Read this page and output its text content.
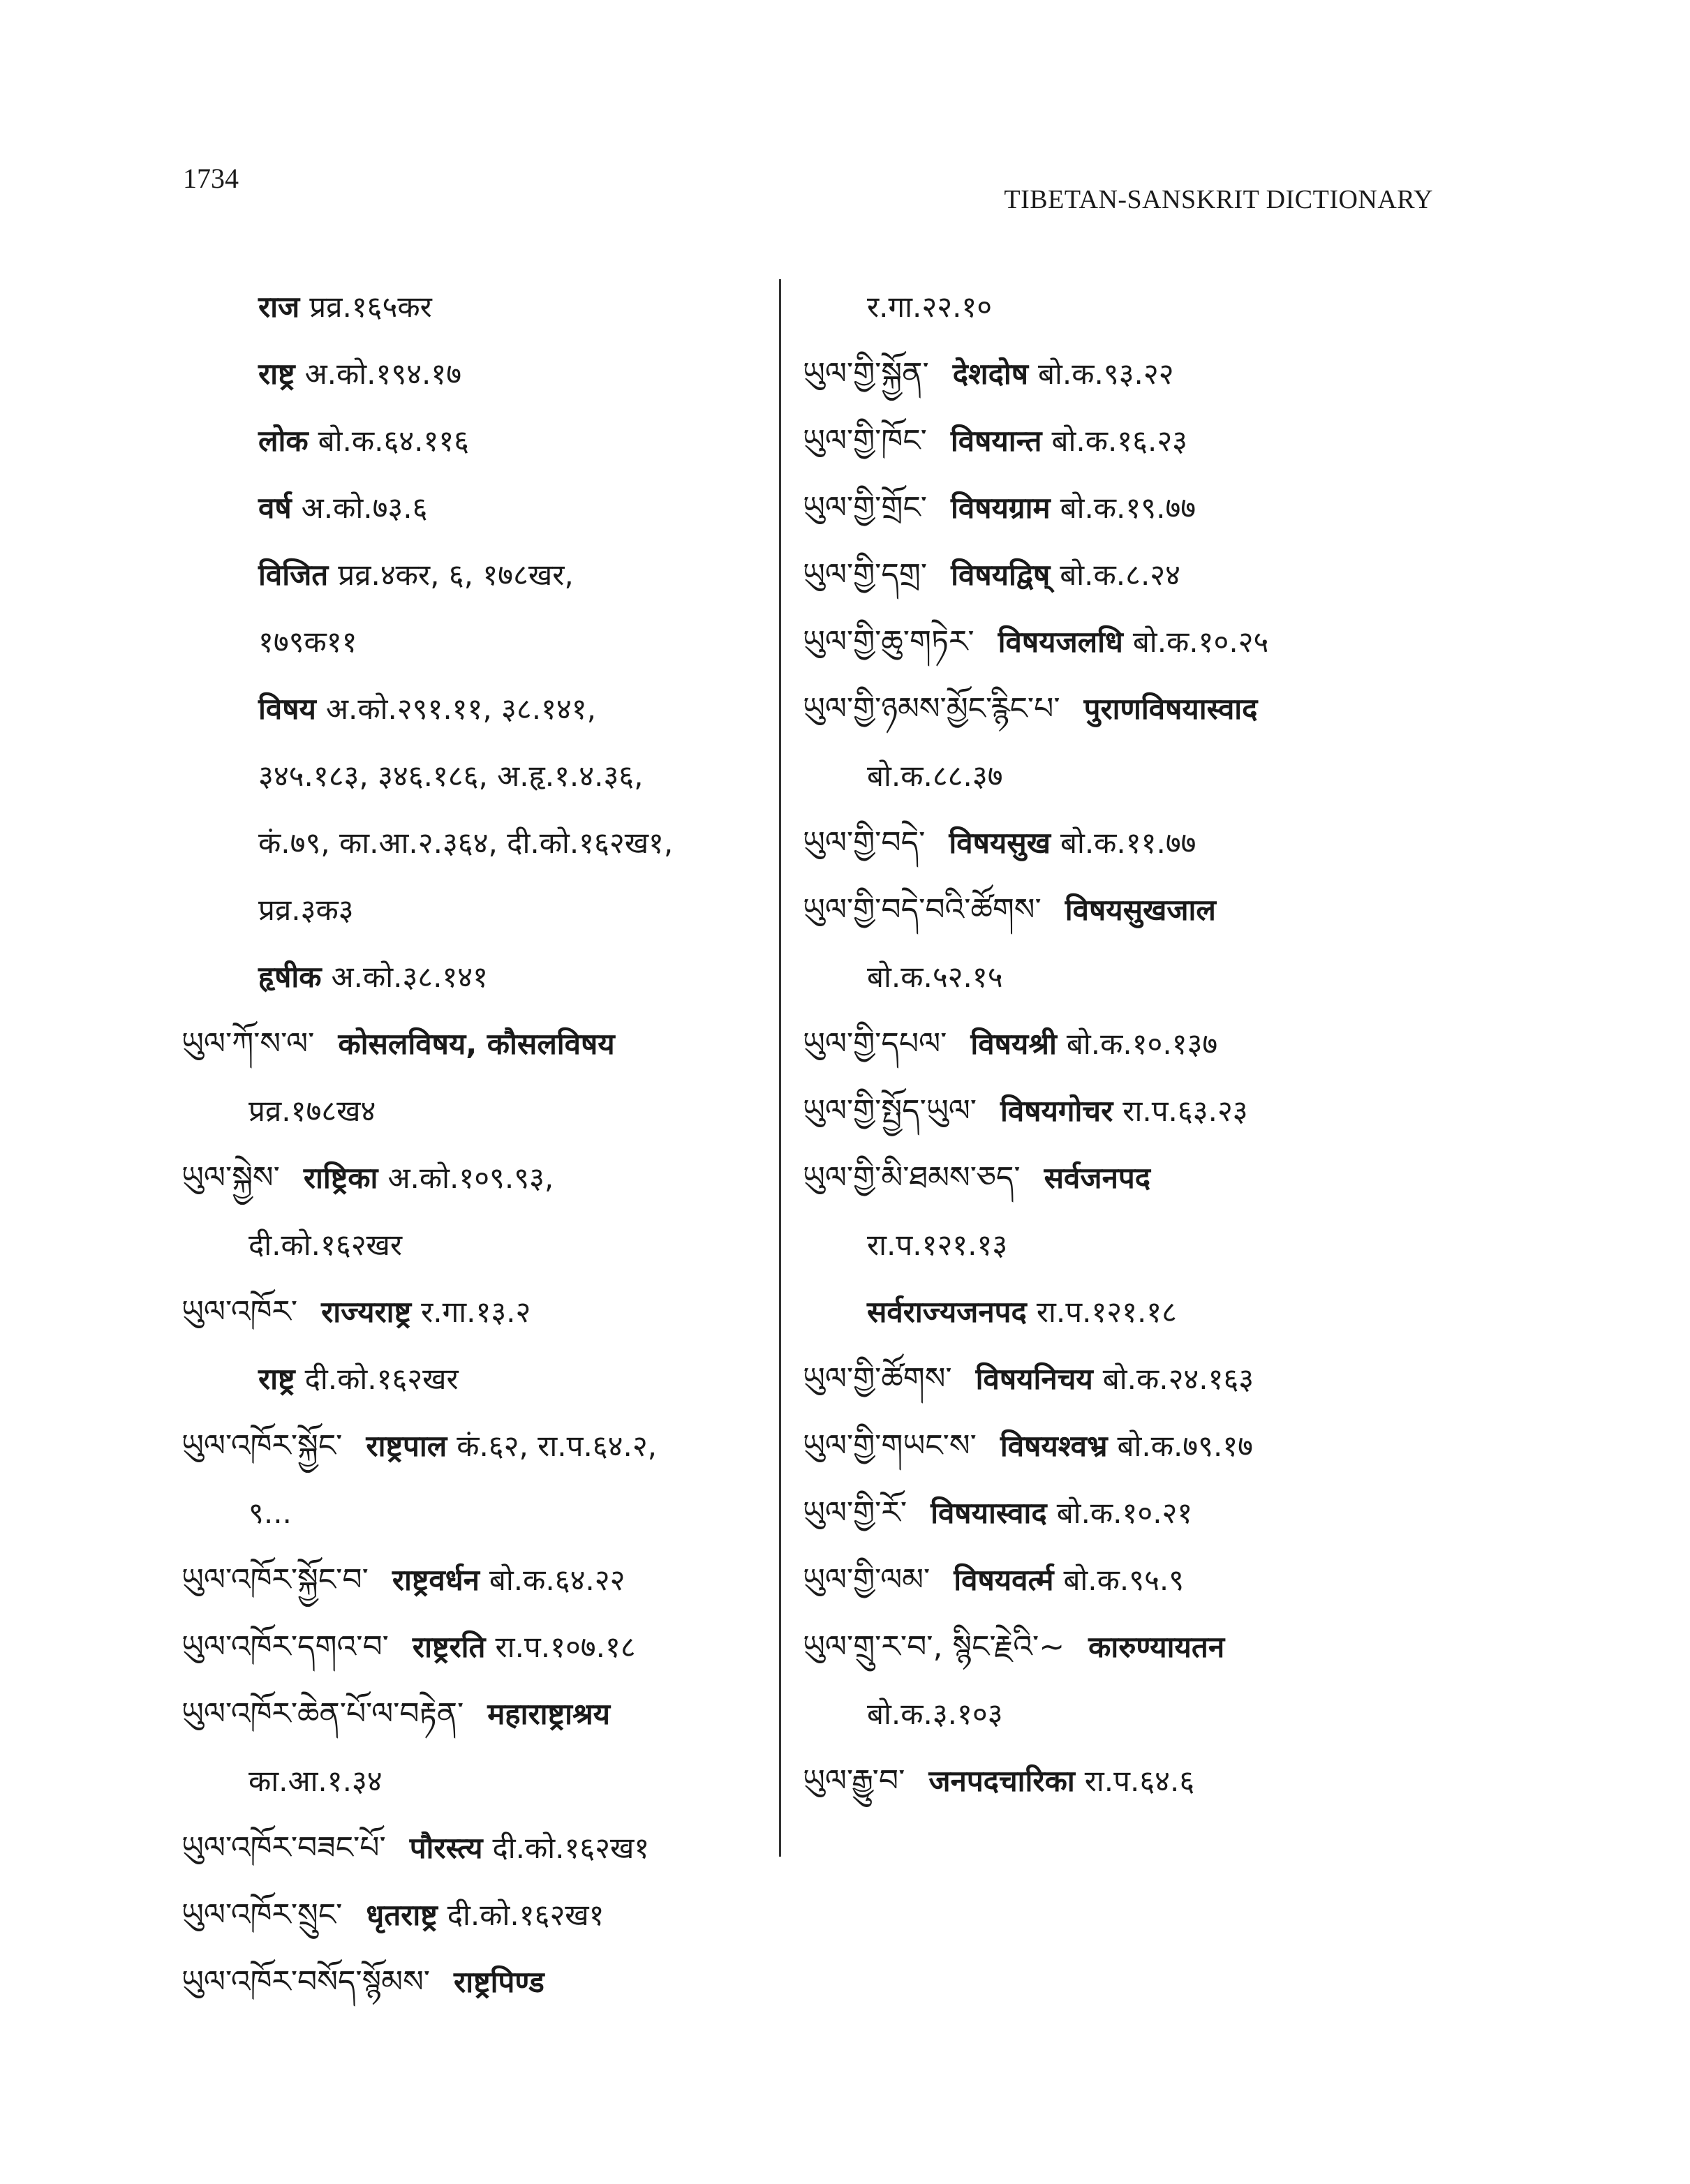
1734
TIBETAN-SANSKRIT DICTIONARY
राज प्रव्र.१६५कर
राष्ट्र अ.को.१९४.१७
लोक बो.क.६४.११६
वर्ष अ.को.७३.६
विजित प्रव्र.४कर, ६, १७८खर,
१७९क११
विषय अ.को.२९१.११, ३८.१४१,
३४५.१८३, ३४६.१८६, अ.हृ.१.४.३६,
कं.७९, का.आ.२.३६४, दी.को.१६२ख१,
प्रव्र.३क३
हृषीक अ.को.३८.१४१
ཡུལ་ཀོ་ས་ལ་ कोसलविषय, कौसलविषय
प्रव्र.१७८ख४
ཡུལ་སྐྱེས་ राष्ट्रिका अ.को.१०९.९३,
दी.को.१६२खर
ཡུལ་འཁོར་ राज्यराष्ट्र र.गा.१३.२
राष्ट्र दी.को.१६२खर
ཡུལ་འཁོར་སྐྱོང་ राष्ट्रपाल कं.६२, रा.प.६४.२,
९...
ཡུལ་འཁོར་སྐྱོང་བ་ राष्ट्रवर्धन बो.क.६४.२२
ཡུལ་འཁོར་དགའ་བ་ राष्ट्ररति रा.प.१०७.१८
ཡུལ་འཁོར་ཆེན་པོ་ལ་བརྟེན་ महाराष्ट्राश्रय
का.आ.१.३४
ཡུལ་འཁོར་བཟང་པོ་ पौरस्त्य दी.को.१६२ख१
ཡུལ་འཁོར་སྲུང་ धृतराष्ट्र दी.को.१६२ख१
ཡུལ་འཁོར་བསོད་སྙོམས་ राष्ट्रपिण्ड
र.गा.२२.१०
ཡུལ་གྱི་སྐྱོན་ देशदोष बो.क.९३.२२
ཡུལ་གྱི་ཁོང་ विषयान्त बो.क.१६.२३
ཡུལ་གྱི་གྲོང་ विषयग्राम बो.क.१९.७७
ཡུལ་གྱི་དགྲ་ विषयद्विष् बो.क.८.२४
ཡུལ་གྱི་ཆུ་གཏེར་ विषयजलधि बो.क.१०.२५
ཡུལ་གྱི་ཉམས་མྱོང་རྙིང་པ་ पुराणविषयास्वाद
बो.क.८८.३७
ཡུལ་གྱི་བདེ་ विषयसुख बो.क.११.७७
ཡུལ་གྱི་བདེ་བའི་ཚོགས་ विषयसुखजाल
बो.क.५२.१५
ཡུལ་གྱི་དཔལ་ विषयश्री बो.क.१०.१३७
ཡུལ་གྱི་སྤྱོད་ཡུལ་ विषयगोचर रा.प.६३.२३
ཡུལ་གྱི་མི་ཐམས་ཅད་ सर्वजनपद
रा.प.१२१.१३
सर्वराज्यजनपद रा.प.१२१.१८
ཡུལ་གྱི་ཚོགས་ विषयनिचय बो.क.२४.१६३
ཡུལ་གྱི་གཡང་ས་ विषयश्वभ्र बो.क.७९.१७
ཡུལ་གྱི་རོ་ विषयास्वाद बो.क.१०.२१
ཡུལ་གྱི་ལམ་ विषयवर्त्म बो.क.९५.९
ཡུལ་གྲུ་ར་བ་, སྙིང་རྗེའི་~ कारुण्यायतन
बो.क.३.१०३
ཡུལ་རྒྱུ་བ་ जनपदचारिका रा.प.६४.६
